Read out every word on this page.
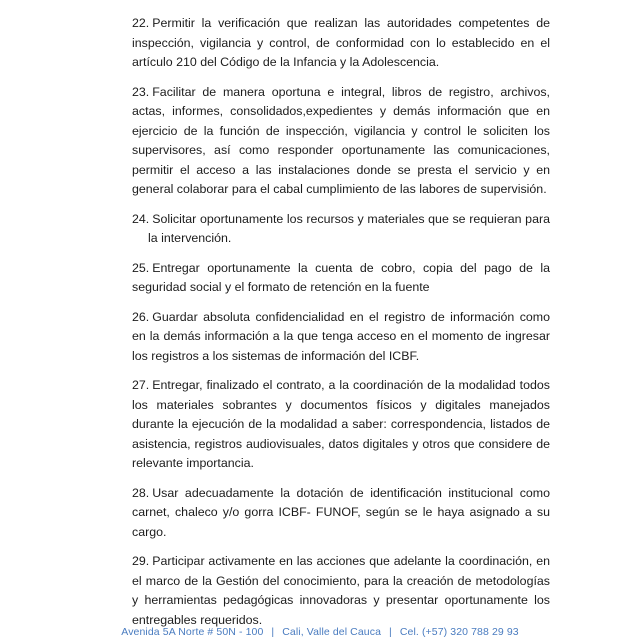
22. Permitir la verificación que realizan las autoridades competentes de inspección, vigilancia y control, de conformidad con lo establecido en el artículo 210 del Código de la Infancia y la Adolescencia.

23. Facilitar de manera oportuna e integral, libros de registro, archivos, actas, informes, consolidados,expedientes y demás información que en ejercicio de la función de inspección, vigilancia y control le soliciten los supervisores, así como responder oportunamente las comunicaciones, permitir el acceso a las instalaciones donde se presta el servicio y en general colaborar para el cabal cumplimiento de las labores de supervisión.

24. Solicitar oportunamente los recursos y materiales que se requieran para la intervención.

25. Entregar oportunamente la cuenta de cobro, copia del pago de la seguridad social y el formato de retención en la fuente

26. Guardar absoluta confidencialidad en el registro de información como en la demás información a la que tenga acceso en el momento de ingresar los registros a los sistemas de información del ICBF.

27. Entregar, finalizado el contrato, a la coordinación de la modalidad todos los materiales sobrantes y documentos físicos y digitales manejados durante la ejecución de la modalidad a saber: correspondencia, listados de asistencia, registros audiovisuales, datos digitales y otros que considere de relevante importancia.

28. Usar adecuadamente la dotación de identificación institucional como carnet, chaleco y/o gorra ICBF- FUNOF, según se le haya asignado a su cargo.

29. Participar activamente en las acciones que adelante la coordinación, en el marco de la Gestión del conocimiento, para la creación de metodologías y herramientas pedagógicas innovadoras y presentar oportunamente los entregables requeridos.

Avenida 5A Norte # 50N - 100 | Cali, Valle del Cauca | Cel. (+57) 320 788 29 93
